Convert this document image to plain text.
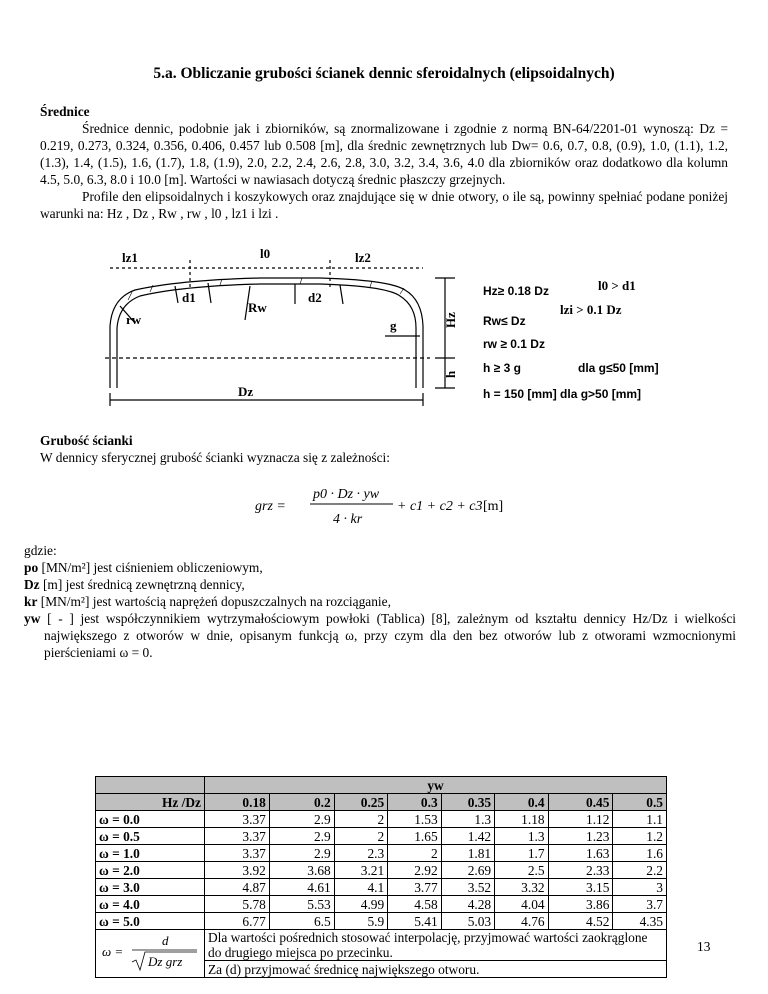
5.a. Obliczanie grubości ścianek dennic sferoidalnych (elipsoidalnych)
Średnice
Średnice dennic, podobnie jak i zbiorników, są znormalizowane i zgodnie z normą BN-64/2201-01 wynoszą: Dz = 0.219, 0.273, 0.324, 0.356, 0.406, 0.457 lub 0.508 [m], dla średnic zewnętrznych lub Dw= 0.6, 0.7, 0.8, (0.9), 1.0, (1.1), 1.2, (1.3), 1.4, (1.5), 1.6, (1.7), 1.8, (1.9), 2.0, 2.2, 2.4, 2.6, 2.8, 3.0, 3.2, 3.4, 3.6, 4.0 dla zbiorników oraz dodatkowo dla kolumn 4.5, 5.0, 6.3, 8.0 i 10.0 [m]. Wartości w nawiasach dotyczą średnic płaszczy grzejnych.
Profile den elipsoidalnych i koszykowych oraz znajdujące się w dnie otwory, o ile są, powinny spełniać podane poniżej warunki na: Hz , Dz , Rw , rw , l0 , lz1 i lzi .
lz1	l0	lz2
d1	d2
rw
Rw
g	Hz
h
Dz
Hz≥ 0.18 Dz	l0 > d1
lzi > 0.1 Dz
Rw≤ Dz
rw ≥ 0.1 Dz
h ≥ 3 g	dla g≤50 [mm]
h = 150 [mm] dla g>50 [mm]
Grubość ścianki
W dennicy sferycznej grubość ścianki wyznacza się z zależności:
grz =
p0 · Dz · yw
4 · kr
+ c1 + c2 + c3 [m]
gdzie:
po [MN/m²] jest ciśnieniem obliczeniowym,
Dz [m] jest średnicą zewnętrzną dennicy,
kr [MN/m²] jest wartością naprężeń dopuszczalnych na rozciąganie,
yw [ - ] jest współczynnikiem wytrzymałościowym powłoki (Tablica) [8], zależnym od kształtu dennicy Hz/Dz i wielkości największego z otworów w dnie, opisanym funkcją ω, przy czym dla den bez otworów lub z otworami wzmocnionymi pierścieniami ω = 0.
	yw							
Hz /Dz	0.18	0.2	0.25	0.3	0.35	0.4	0.45	0.5
ω = 0.0	3.37	2.9	2	1.53	1.3	1.18	1.12	1.1
ω = 0.5	3.37	2.9	2	1.65	1.42	1.3	1.23	1.2
ω = 1.0	3.37	2.9	2.3	2	1.81	1.7	1.63	1.6
ω = 2.0	3.92	3.68	3.21	2.92	2.69	2.5	2.33	2.2
ω = 3.0	4.87	4.61	4.1	3.77	3.52	3.32	3.15	3
ω = 4.0	5.78	5.53	4.99	4.58	4.28	4.04	3.86	3.7
ω = 5.0	6.77	6.5	5.9	5.41	5.03	4.76	4.52	4.35

ω =
d
Dz grz	Dla wartości pośrednich stosować interpolację, przyjmować wartości zaokrąglone do drugiego miejsca po przecinku.							

	Za (d) przyjmować średnicę największego otworu.							
13
